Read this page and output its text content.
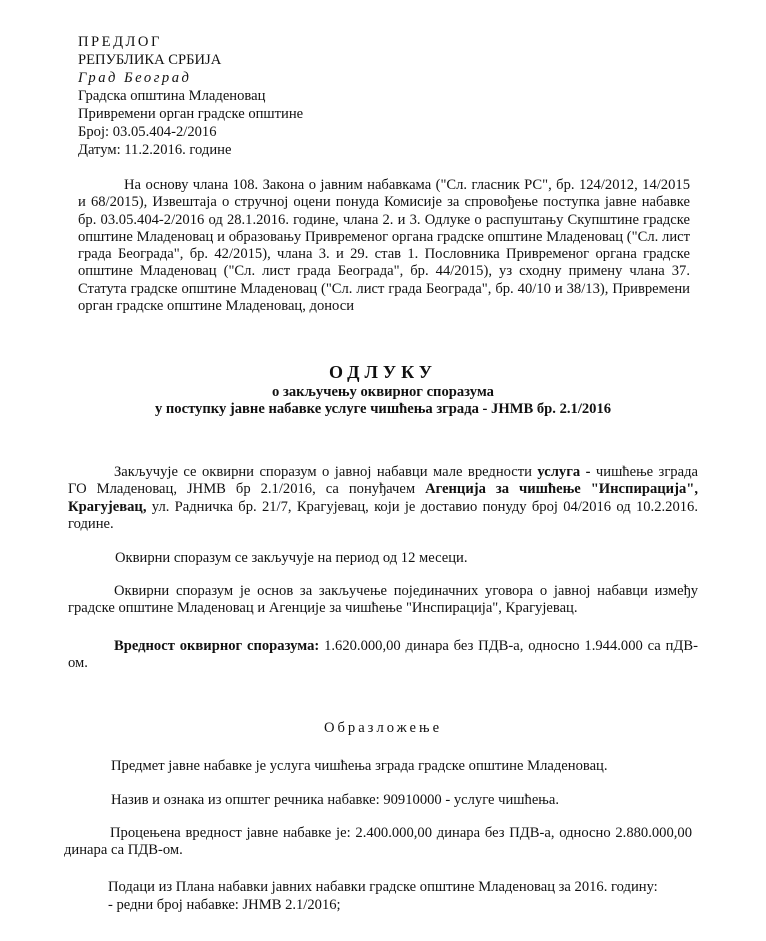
ПРЕДЛОГ
РЕПУБЛИКА СРБИЈА
Град Београд
Градска општина Младеновац
Привремени орган градске општине
Број: 03.05.404-2/2016
Датум: 11.2.2016. године
На основу члана 108. Закона о јавним набавкама ("Сл. гласник РС", бр. 124/2012, 14/2015 и 68/2015), Извештаја о стручној оцени понуда Комисије за спровођење поступка јавне набавке бр. 03.05.404-2/2016 од 28.1.2016. године, члана 2. и 3. Одлуке о распуштању Скупштине градске општине Младеновац и образовању Привременог органа градске општине Младеновац ("Сл. лист града Београда", бр. 42/2015), члана 3. и 29. став 1. Пословника Привременог органа градске општине Младеновац ("Сл. лист града Београда", бр. 44/2015), уз сходну примену члана 37. Статута градске општине Младеновац ("Сл. лист града Београда", бр. 40/10 и 38/13), Привремени орган градске општине Младеновац, доноси
ОДЛУКУ
о закључењу оквирног споразума
у поступку јавне набавке услуге чишћења зграда - ЈНМВ бр. 2.1/2016
Закључује се оквирни споразум о јавној набавци мале вредности услуга - чишћење зграда ГО Младеновац, ЈНМВ бр 2.1/2016, са понуђачем Агенција за чишћење "Инспирација", Крагујевац, ул. Радничка бр. 21/7, Крагујевац, који је доставио понуду број 04/2016 од 10.2.2016. године.
Оквирни споразум се закључује на период од 12 месеци.
Оквирни споразум је основ за закључење појединачних уговора о јавној набавци између градске општине Младеновац и Агенције за чишћење "Инспирација", Крагујевац.
Вредност оквирног споразума: 1.620.000,00 динара без ПДВ-а, односно 1.944.000 са пДВ-ом.
Образложење
Предмет јавне набавке је услуга чишћења зграда градске општине Младеновац.
Назив и ознака из општег речника набавке: 90910000 - услуге чишћења.
Процењена вредност јавне набавке је: 2.400.000,00 динара без ПДВ-а, односно 2.880.000,00 динара са ПДВ-ом.
Подаци из Плана набавки јавних набавки градске општине Младеновац за 2016. годину:
- редни број набавке: ЈНМВ 2.1/2016;
